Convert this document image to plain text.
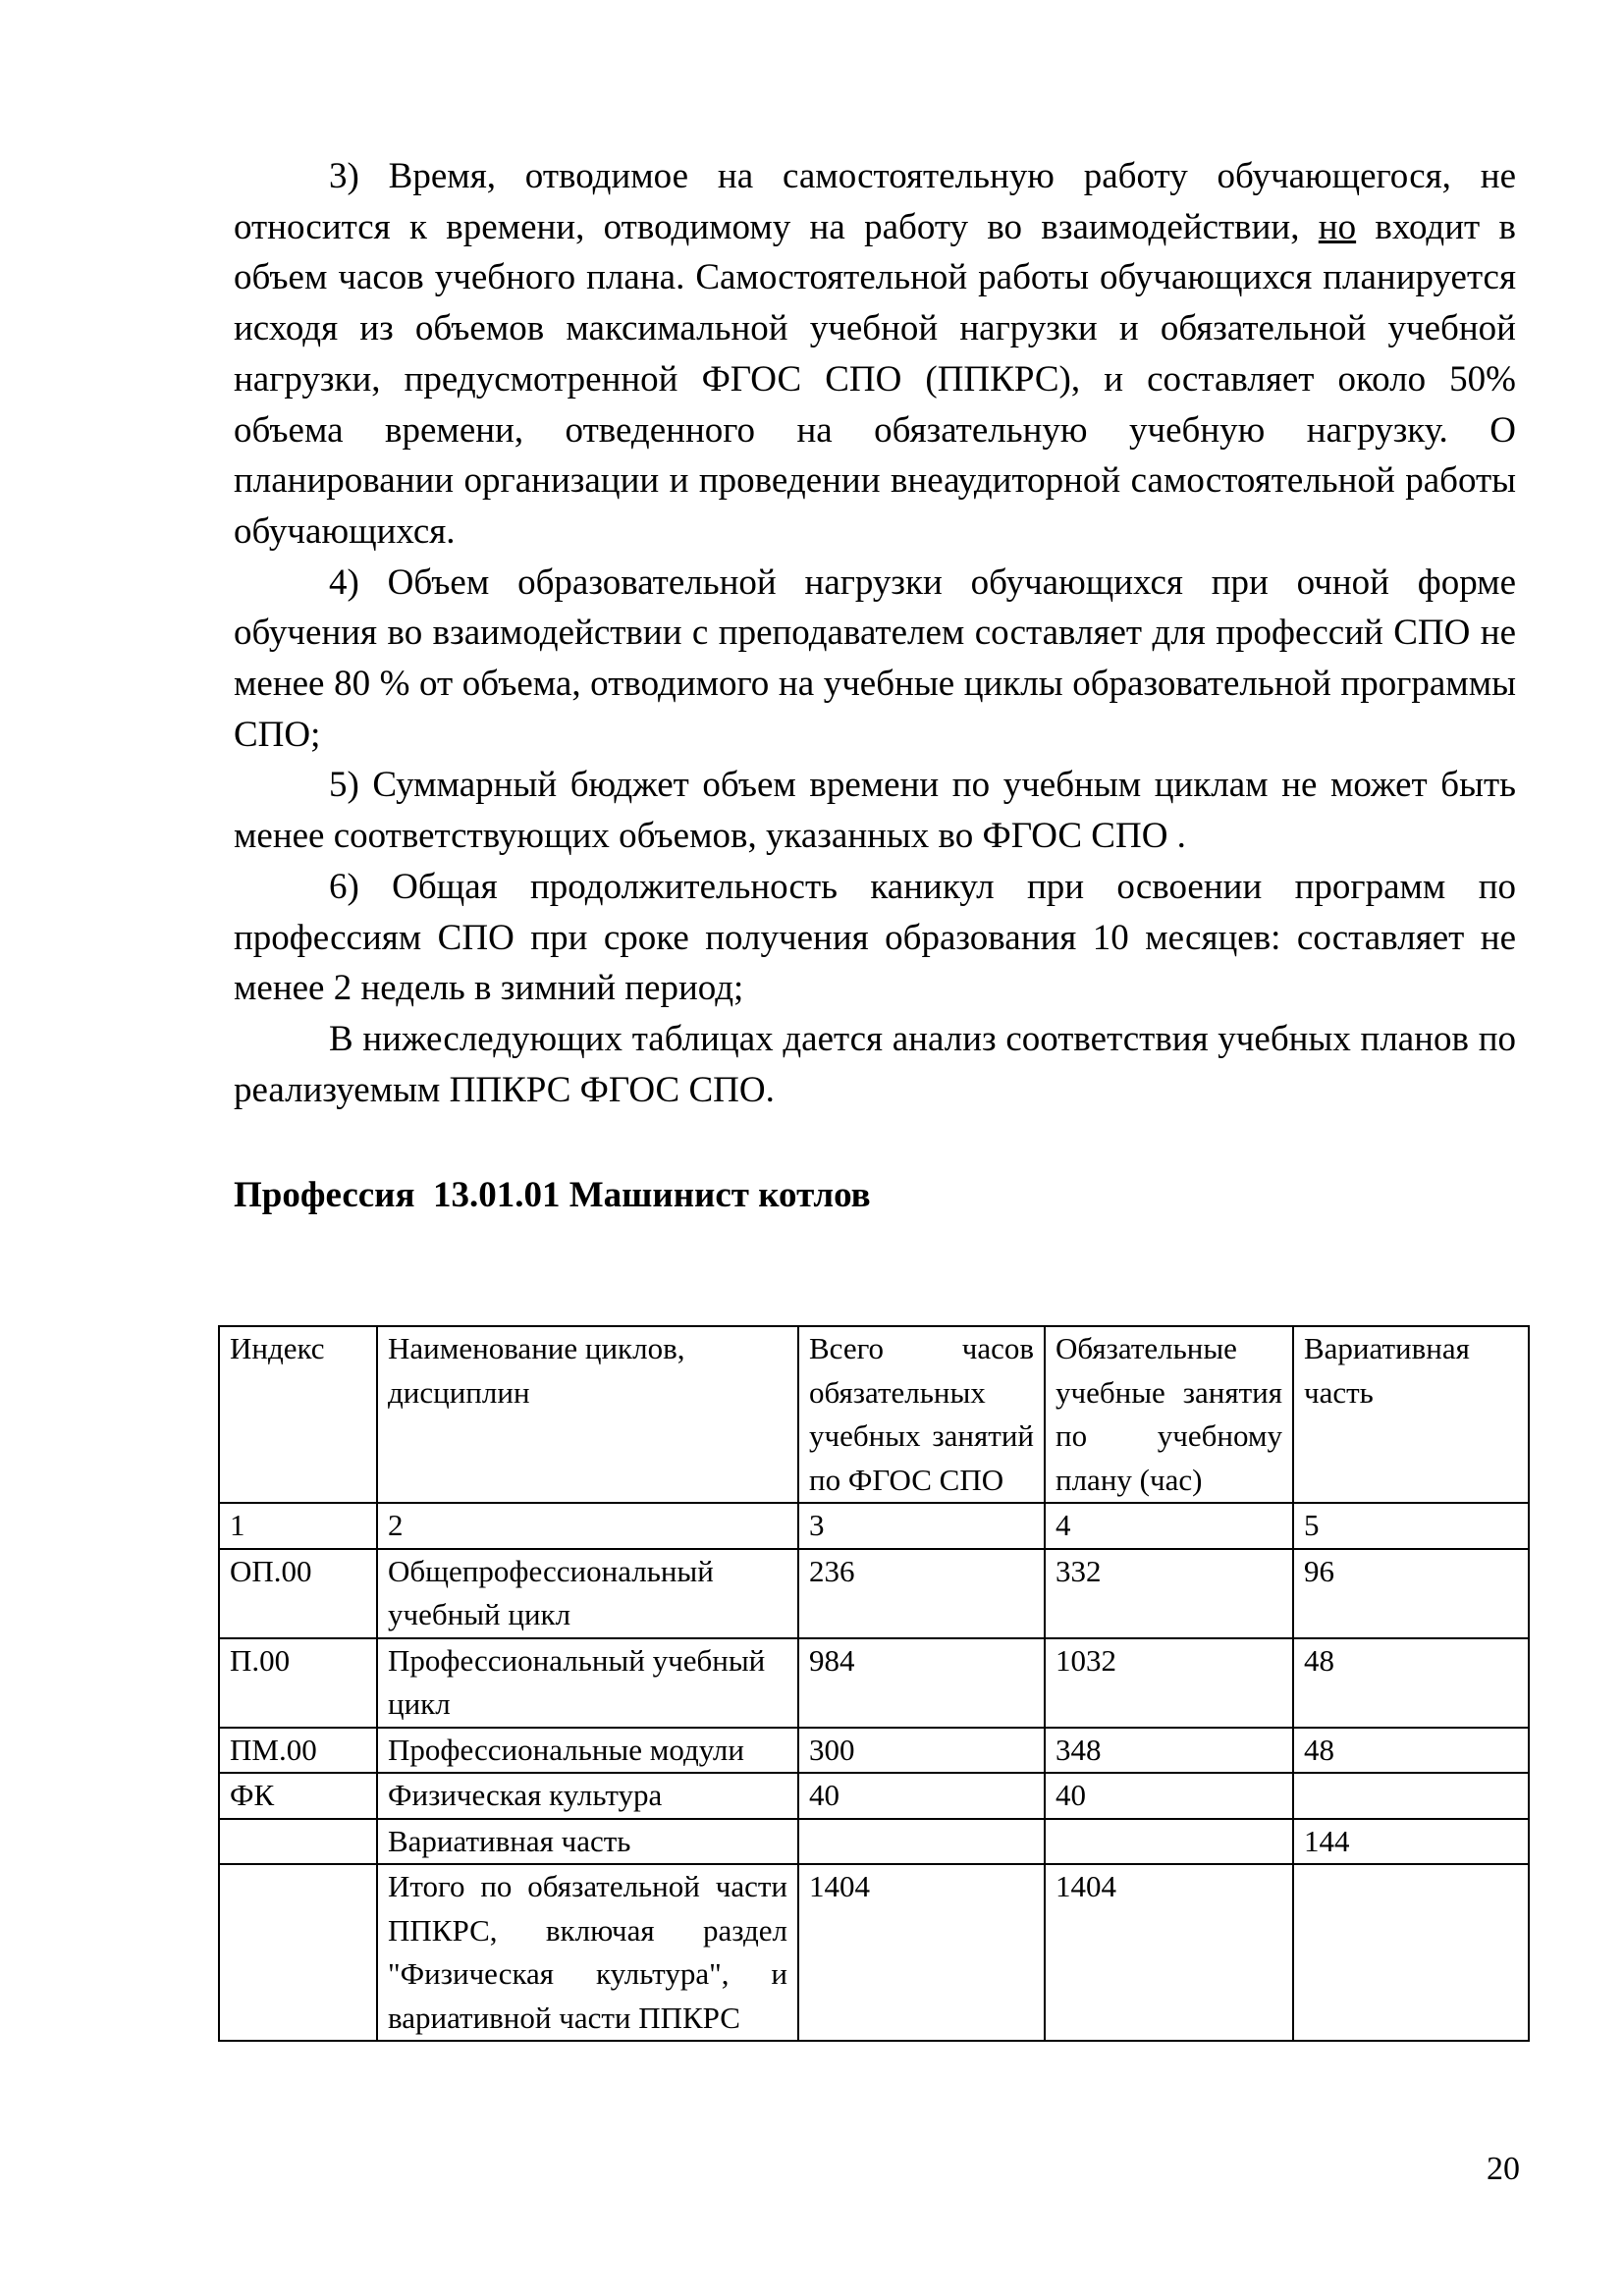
3) Время, отводимое на самостоятельную работу обучающегося, не относится к времени, отводимому на работу во взаимодействии, но входит в объем часов учебного плана. Самостоятельной работы обучающихся планируется исходя из объемов максимальной учебной нагрузки и обязательной учебной нагрузки, предусмотренной ФГОС СПО (ППКРС), и составляет около 50% объема времени, отведенного на обязательную учебную нагрузку. О планировании организации и проведении внеаудиторной самостоятельной работы обучающихся.

4) Объем образовательной нагрузки обучающихся при очной форме обучения во взаимодействии с преподавателем составляет для профессий СПО не менее 80 % от объема, отводимого на учебные циклы образовательной программы СПО;

5) Суммарный бюджет объем времени по учебным циклам не может быть менее соответствующих объемов, указанных во ФГОС СПО .

6) Общая продолжительность каникул при освоении программ по профессиям СПО при сроке получения образования 10 месяцев: составляет не менее 2 недель в зимний период;

В нижеследующих таблицах дается анализ соответствия учебных планов по реализуемым ППКРС ФГОС СПО.

Профессия  13.01.01 Машинист котлов

Индекс	Наименование циклов, дисциплин	Всего часов обязательных учебных занятий по ФГОС СПО	Обязательные учебные занятия по учебному плану (час)	Вариативная часть
1	2	3	4	5
ОП.00	Общепрофессиональный учебный цикл	236	332	96
П.00	Профессиональный учебный цикл	984	1032	48
ПМ.00	Профессиональные модули	300	348	48
ФК	Физическая культура	40	40	
	Вариативная часть			144
	Итого по обязательной части ППКРС, включая раздел "Физическая культура", и вариативной части ППКРС	1404	1404	
20
